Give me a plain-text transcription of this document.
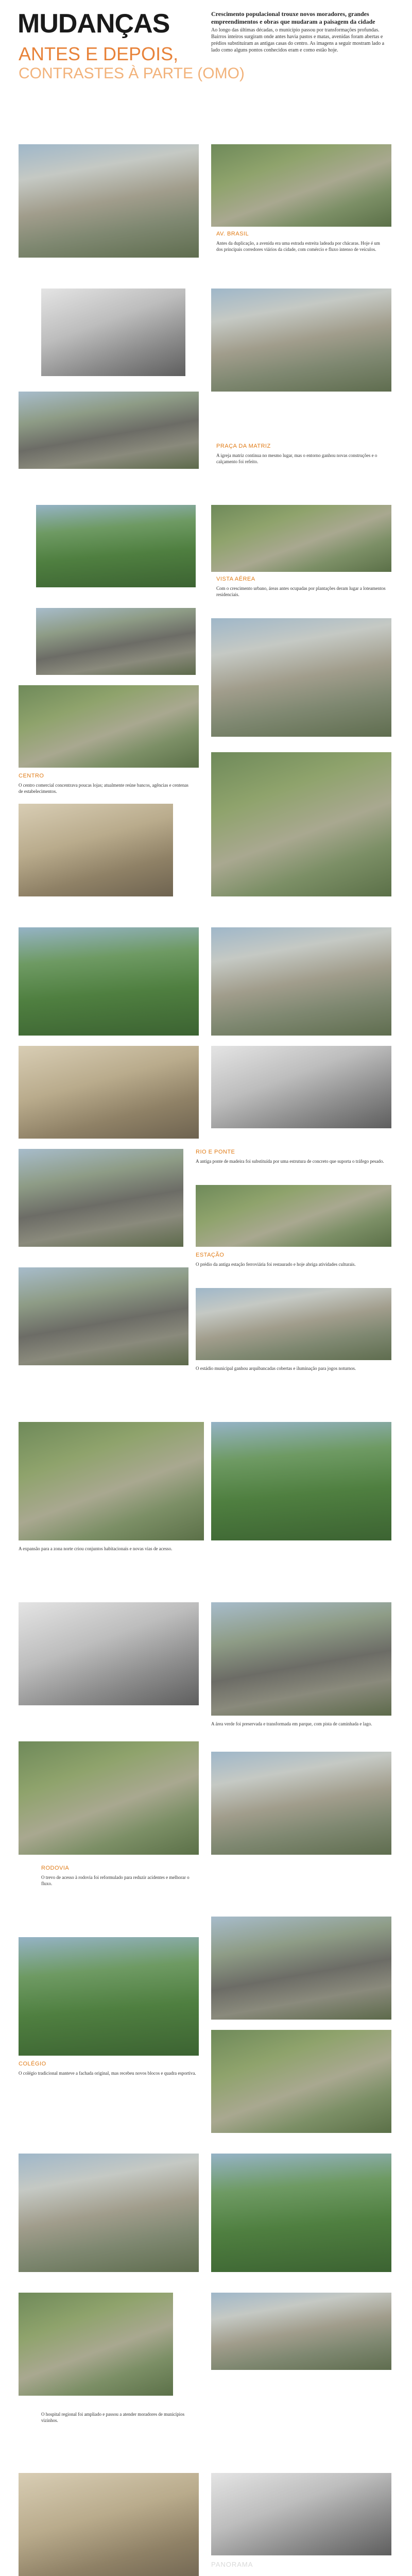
MUDANÇAS
ANTES E DEPOIS,
CONTRASTES À PARTE (OMO)
Crescimento populacional trouxe novos moradores, grandes empreendimentos e obras que mudaram a paisagem da cidade
Ao longo das últimas décadas, o município passou por transformações profundas. Bairros inteiros surgiram onde antes havia pastos e matas, avenidas foram abertas e prédios substituíram as antigas casas do centro. As imagens a seguir mostram lado a lado como alguns pontos conhecidos eram e como estão hoje.
AV. BRASIL
Antes da duplicação, a avenida era uma estrada estreita ladeada por chácaras. Hoje é um dos principais corredores viários da cidade, com comércio e fluxo intenso de veículos.
PRAÇA DA MATRIZ
A igreja matriz continua no mesmo lugar, mas o entorno ganhou novas construções e o calçamento foi refeito.
VISTA AÉREA
Com o crescimento urbano, áreas antes ocupadas por plantações deram lugar a loteamentos residenciais.
CENTRO
O centro comercial concentrava poucas lojas; atualmente reúne bancos, agências e centenas de estabelecimentos.
RIO E PONTE
A antiga ponte de madeira foi substituída por uma estrutura de concreto que suporta o tráfego pesado.
ESTAÇÃO
O prédio da antiga estação ferroviária foi restaurado e hoje abriga atividades culturais.
O estádio municipal ganhou arquibancadas cobertas e iluminação para jogos noturnos.
A expansão para a zona norte criou conjuntos habitacionais e novas vias de acesso.
A área verde foi preservada e transformada em parque, com pista de caminhada e lago.
RODOVIA
O trevo de acesso à rodovia foi reformulado para reduzir acidentes e melhorar o fluxo.
COLÉGIO
O colégio tradicional manteve a fachada original, mas recebeu novos blocos e quadra esportiva.
O hospital regional foi ampliado e passou a atender moradores de municípios vizinhos.
PANORAMA
